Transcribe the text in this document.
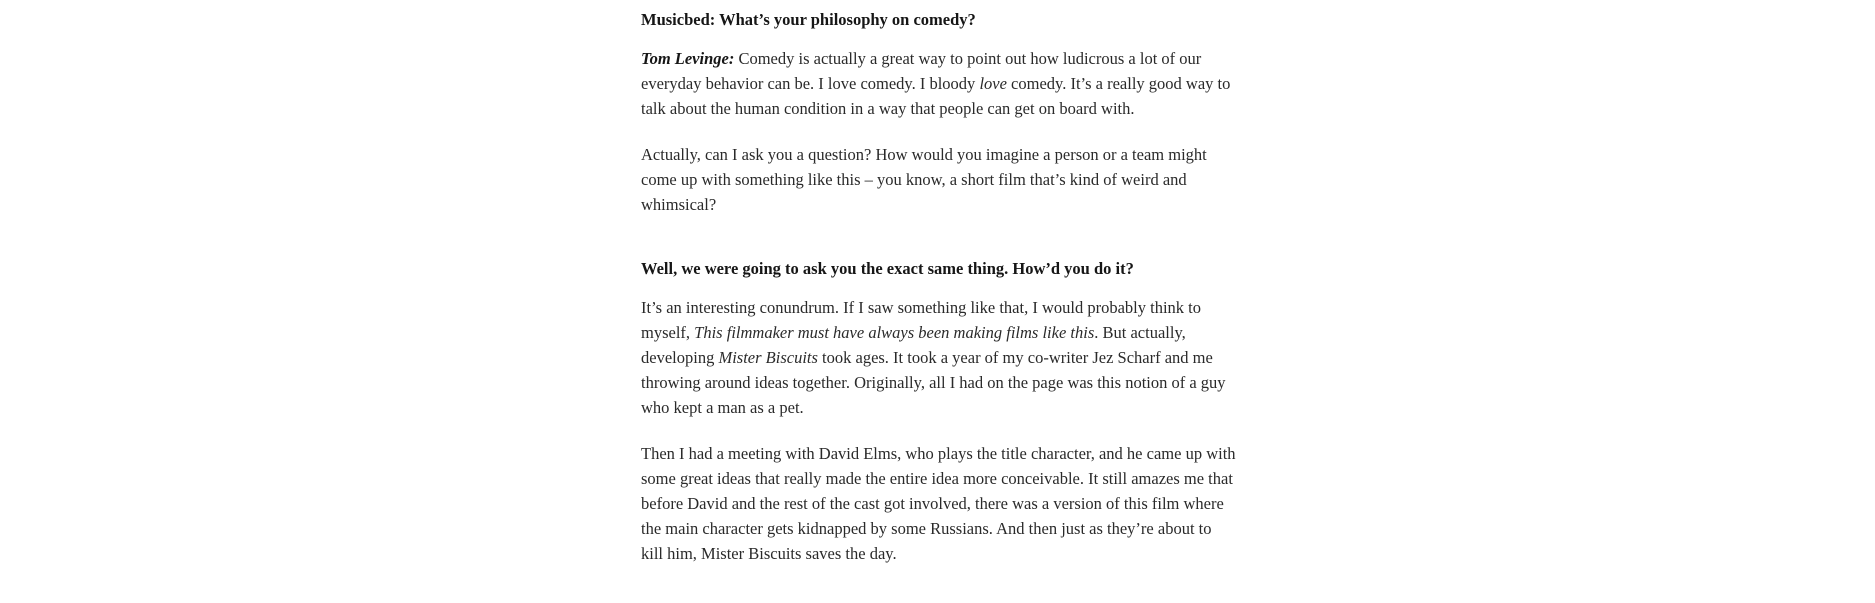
Musicbed: What’s your philosophy on comedy?

Tom Levinge: Comedy is actually a great way to point out how ludicrous a lot of our
everyday behavior can be. I love comedy. I bloody love comedy. It’s a really good way to
talk about the human condition in a way that people can get on board with.

Actually, can I ask you a question? How would you imagine a person or a team might
come up with something like this – you know, a short film that’s kind of weird and
whimsical?

Well, we were going to ask you the exact same thing. How’d you do it?

It’s an interesting conundrum. If I saw something like that, I would probably think to
myself, This filmmaker must have always been making films like this. But actually,
developing Mister Biscuits took ages. It took a year of my co-writer Jez Scharf and me
throwing around ideas together. Originally, all I had on the page was this notion of a guy
who kept a man as a pet.

Then I had a meeting with David Elms, who plays the title character, and he came up with
some great ideas that really made the entire idea more conceivable. It still amazes me that
before David and the rest of the cast got involved, there was a version of this film where
the main character gets kidnapped by some Russians. And then just as they’re about to
kill him, Mister Biscuits saves the day.
